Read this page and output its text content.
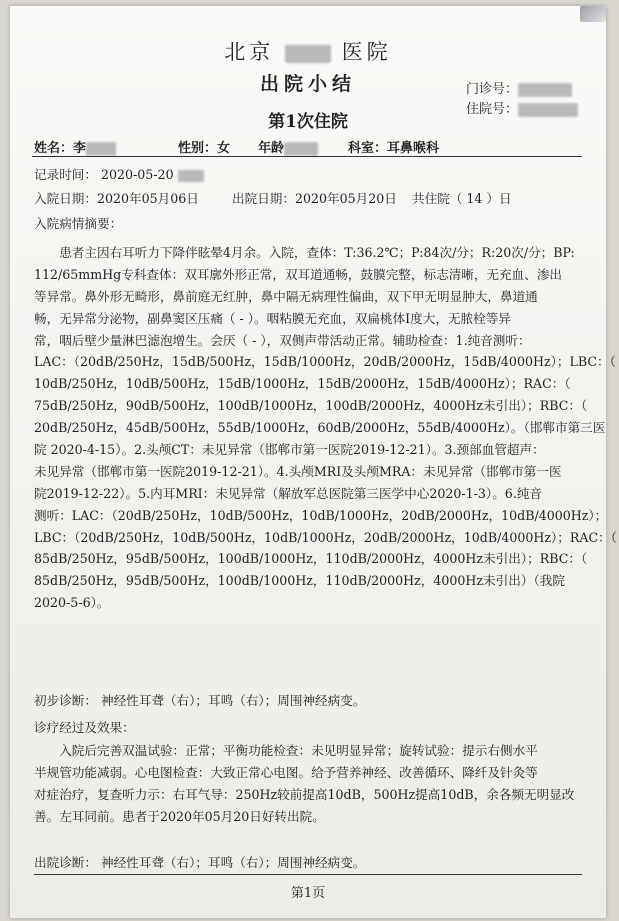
北京	医院
出院小结	门诊号：
住院号：
第1次住院
姓名：李	性别：女 年龄	科室：耳鼻喉科
记录时间： 2020-05-20
入院日期：2020年05月06日	出院日期：2020年05月20日 共住院（ 14 ）日
入院病情摘要：
　　患者主因右耳听力下降伴眩晕4月余。入院，查体：T:36.2℃；P:84次/分；R:20次/分；BP:
112/65mmHg专科查体：双耳廓外形正常，双耳道通畅，鼓膜完整，标志清晰，无充血、渗出
等异常。鼻外形无畸形，鼻前庭无红肿，鼻中隔无病理性偏曲，双下甲无明显肿大，鼻道通
畅，无异常分泌物，副鼻窦区压痛（ - ）。咽粘膜无充血，双扁桃体I度大，无脓栓等异
常，咽后壁少量淋巴滤泡增生。会厌（ - ），双侧声带活动正常。辅助检查：1.纯音测听：
LAC：（20dB/250Hz，15dB/500Hz，15dB/1000Hz，20dB/2000Hz，15dB/4000Hz）；LBC：（
10dB/250Hz，10dB/500Hz，15dB/1000Hz，15dB/2000Hz，15dB/4000Hz）；RAC：（
75dB/250Hz，90dB/500Hz，100dB/1000Hz，100dB/2000Hz，4000Hz未引出）；RBC：（
20dB/250Hz，45dB/500Hz，55dB/1000Hz，60dB/2000Hz，55dB/4000Hz）。（邯郸市第三医
院 2020-4-15）。2.头颅CT：未见异常（邯郸市第一医院2019-12-21）。3.颈部血管超声：
未见异常（邯郸市第一医院2019-12-21）。4.头颅MRI及头颅MRA：未见异常（邯郸市第一医
院2019-12-22）。5.内耳MRI：未见异常（解放军总医院第三医学中心2020-1-3）。6.纯音
测听：LAC：（20dB/250Hz，10dB/500Hz，10dB/1000Hz，20dB/2000Hz，10dB/4000Hz）；
LBC：（20dB/250Hz，10dB/500Hz，10dB/1000Hz，20dB/2000Hz，10dB/4000Hz）；RAC：（
85dB/250Hz，95dB/500Hz，100dB/1000Hz，110dB/2000Hz，4000Hz未引出）；RBC：（
85dB/250Hz，95dB/500Hz，100dB/1000Hz，110dB/2000Hz，4000Hz未引出）（我院
2020-5-6）。
初步诊断： 神经性耳聋（右）；耳鸣（右）；周围神经病变。
诊疗经过及效果：
　　入院后完善双温试验：正常；平衡功能检查：未见明显异常；旋转试验：提示右侧水平
半规管功能减弱。心电图检查：大致正常心电图。给予营养神经、改善循环、降纤及针灸等
对症治疗，复查听力示：右耳气导：250Hz较前提高10dB，500Hz提高10dB，余各频无明显改
善。左耳同前。患者于2020年05月20日好转出院。
出院诊断： 神经性耳聋（右）；耳鸣（右）；周围神经病变。
第1页
